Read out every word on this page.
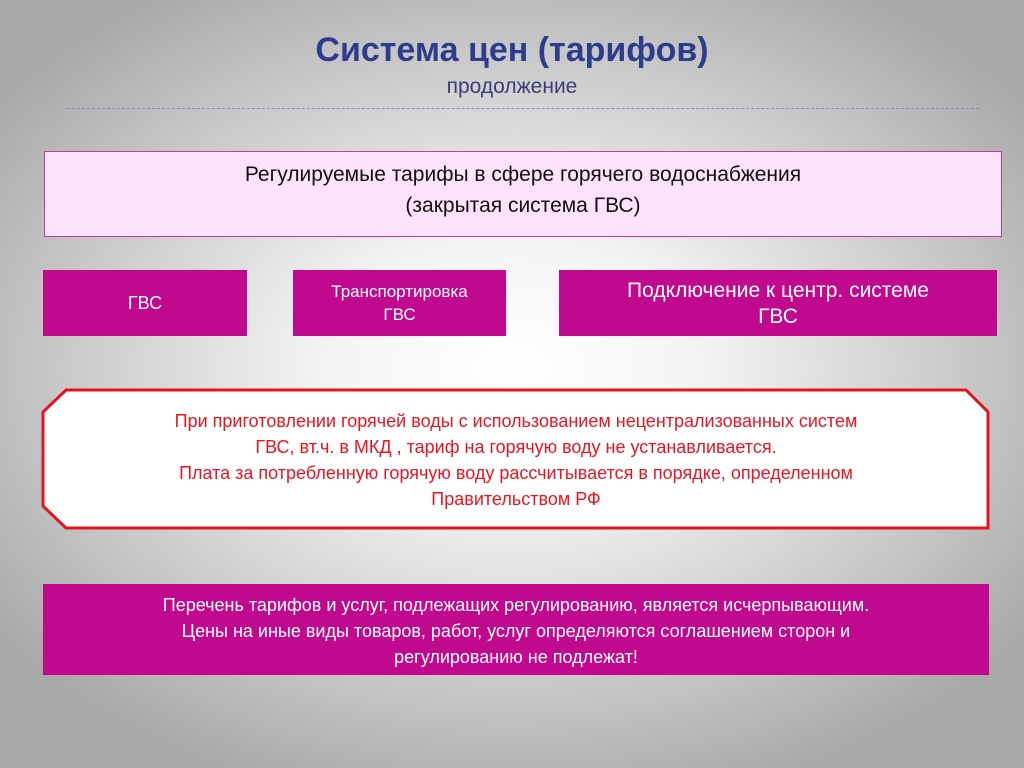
Система цен (тарифов)
продолжение
Регулируемые тарифы в сфере горячего водоснабжения
(закрытая система ГВС)
ГВС
Транспортировка
ГВС
Подключение к центр. системе
ГВС
При приготовлении горячей воды с использованием нецентрализованных систем
ГВС, вт.ч. в МКД , тариф на горячую воду не устанавливается.
Плата за потребленную горячую воду рассчитывается в порядке, определенном
Правительством РФ
Перечень тарифов и услуг, подлежащих регулированию, является исчерпывающим.
Цены на иные виды товаров, работ, услуг определяются соглашением сторон и
регулированию не подлежат!
